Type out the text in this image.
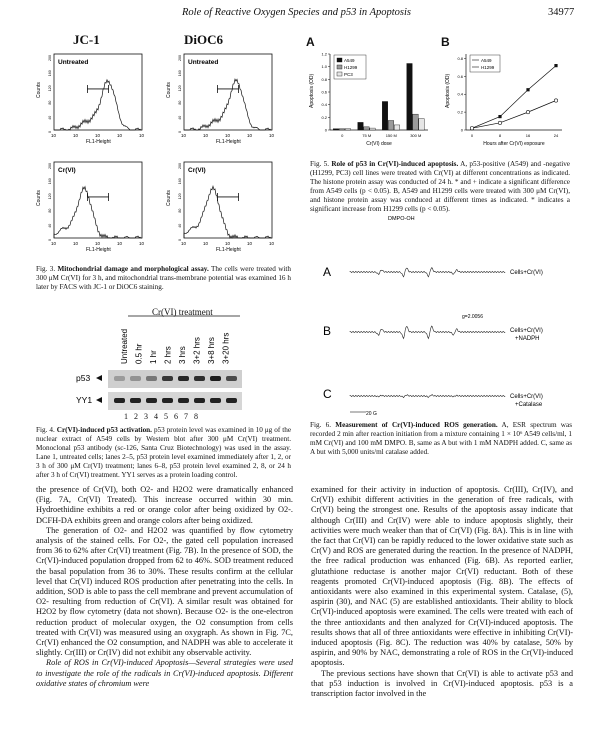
Role of Reactive Oxygen Species and p53 in Apoptosis	34977
JC-1	DiOC6
Untreated
0
40
80
120
160
200
Counts
10	10	10	10	10
FL1-Height
Untreated
0
40
80
120
160
200
Counts
10	10	10	10	10
FL1-Height
Cr(VI)
0
40
80
120
160
200
Counts
10	10	10	10	10
FL1-Height
Cr(VI)
0
40
80
120
160
200
Counts
10	10	10	10	10
FL1-Height
Fig. 3. Mitochondrial damage and morphological assay. The cells were treated with 300 μM Cr(VI) for 3 h, and mitochondrial trans-membrane potential was examined 16 h later by FACS with JC-1 or DiOC6 staining.
Cr(VI) treatment
Untreated 0.5 hr 1 hr 2 hrs 3 hrs 3+2 hrs 3+8 hrs 3+20 hrs
p53
YY1
1 2 3 4 5 6 7 8
Fig. 4. Cr(VI)-induced p53 activation. p53 protein level was examined in 10 μg of the nuclear extract of A549 cells by Western blot after 300 μM Cr(VI) treatment. Monoclonal p53 antibody (sc-126, Santa Cruz Biotechnology) was used in the assay. Lane 1, untreated cells; lanes 2–5, p53 protein level examined immediately after 1, 2, or 3 h of 300 μM Cr(VI) treatment; lanes 6–8, p53 protein level examined 2, 8, or 24 h after 3 h of Cr(VI) treatment. YY1 serves as a protein loading control.
A	B
0
0.2
0.4
0.6
0.8
1.0
1.2
Apoptosis (OD)
0	75 M	150 M	300 M
Cr(VI) dose
A549
H1299
PC3
0
0.2
0.4
0.6
0.8
0	8	16	24
Apoptosis (OD)
Hours after Cr(VI) exposure
A549
H1299
Fig. 5. Role of p53 in Cr(VI)-induced apoptosis. A, p53-positive (A549) and -negative (H1299, PC3) cell lines were treated with Cr(VI) at different concentrations as indicated. The histone protein assay was conducted of 24 h. * and + indicate a significant difference from A549 cells (p < 0.05). B, A549 and H1299 cells were treated with 300 μM Cr(VI), and histone protein assay was conduced at different times as indicated. * indicates a significant increase from H1299 cells (p < 0.05).
DMPO-OH
A
B
C
Cells+Cr(VI)
g=2.0056
Cells+Cr(VI)
+NADPH
Cells+Cr(VI)
+Catalase
20 G
Fig. 6. Measurement of Cr(VI)-induced ROS generation. A, ESR spectrum was recorded 2 min after reaction initiation from a mixture containing 1 × 10⁶ A549 cells/ml, 1 mM Cr(VI) and 100 mM DMPO. B, same as A but with 1 mM NADPH added. C, same as A but with 5,000 units/ml catalase added.

the presence of Cr(VI), both O2- and H2O2 were dramatically enhanced (Fig. 7A, Cr(VI) Treated). This increase occurred within 30 min. Hydroethidine exhibits a red or orange color after being oxidized by O2-. DCFH-DA exhibits green and orange colors after being oxidized.

The generation of O2- and H2O2 was quantified by flow cytometry analysis of the stained cells. For O2-, the gated cell population increased from 36 to 62% after Cr(VI) treatment (Fig. 7B). In the presence of SOD, the Cr(VI)-induced population dropped from 62 to 46%. SOD treatment reduced the basal population from 36 to 30%. These results confirm at the cellular level that Cr(VI) induced ROS production after penetrating into the cells. In addition, SOD is able to pass the cell membrane and prevent accumulation of O2- resulting from reduction of Cr(VI). A similar result was obtained for H2O2 by flow cytometry (data not shown). Because O2- is the one-electron reduction product of molecular oxygen, the O2 consumption from cells treated with Cr(VI) was measured using an oxygraph. As shown in Fig. 7C, Cr(VI) enhanced the O2 consumption, and NADPH was able to accelerate it slightly. Cr(III) or Cr(IV) did not exhibit any observable activity.

Role of ROS in Cr(VI)-induced Apoptosis—Several strategies were used to investigate the role of the radicals in Cr(VI)-induced apoptosis. Different oxidative states of chromium were

examined for their activity in induction of apoptosis. Cr(III), Cr(IV), and Cr(VI) exhibit different activities in the generation of free radicals, with Cr(VI) being the strongest one. Results of the apoptosis assay indicate that although Cr(III) and Cr(IV) were able to induce apoptosis slightly, their activities were much weaker than that of Cr(VI) (Fig. 8A). This is in line with the fact that Cr(VI) can be rapidly reduced to the lower oxidative state such as Cr(V) and ROS are generated during the reaction. In the presence of NADPH, the free radical production was enhanced (Fig. 6B). As reported earlier, glutathione reductase is another major Cr(VI) reductant. Both of these reagents promoted Cr(VI)-induced apoptosis (Fig. 8B). The effects of antioxidants were also examined in this experimental system. Catalase, (5), aspirin (30), and NAC (5) are established antioxidants. Their ability to block Cr(VI)-induced apoptosis were examined. The cells were treated with each of the three antioxidants and then analyzed for Cr(VI)-induced apoptosis. The results shows that all of three antioxidants were effective in inhibiting Cr(VI)-induced apoptosis (Fig. 8C). The reduction was 40% by catalase, 50% by aspirin, and 90% by NAC, demonstrating a role of ROS in the Cr(VI)-induced apoptosis.

The previous sections have shown that Cr(VI) is able to activate p53 and that p53 induction is involved in Cr(VI)-induced apoptosis. p53 is a transcription factor involved in the
